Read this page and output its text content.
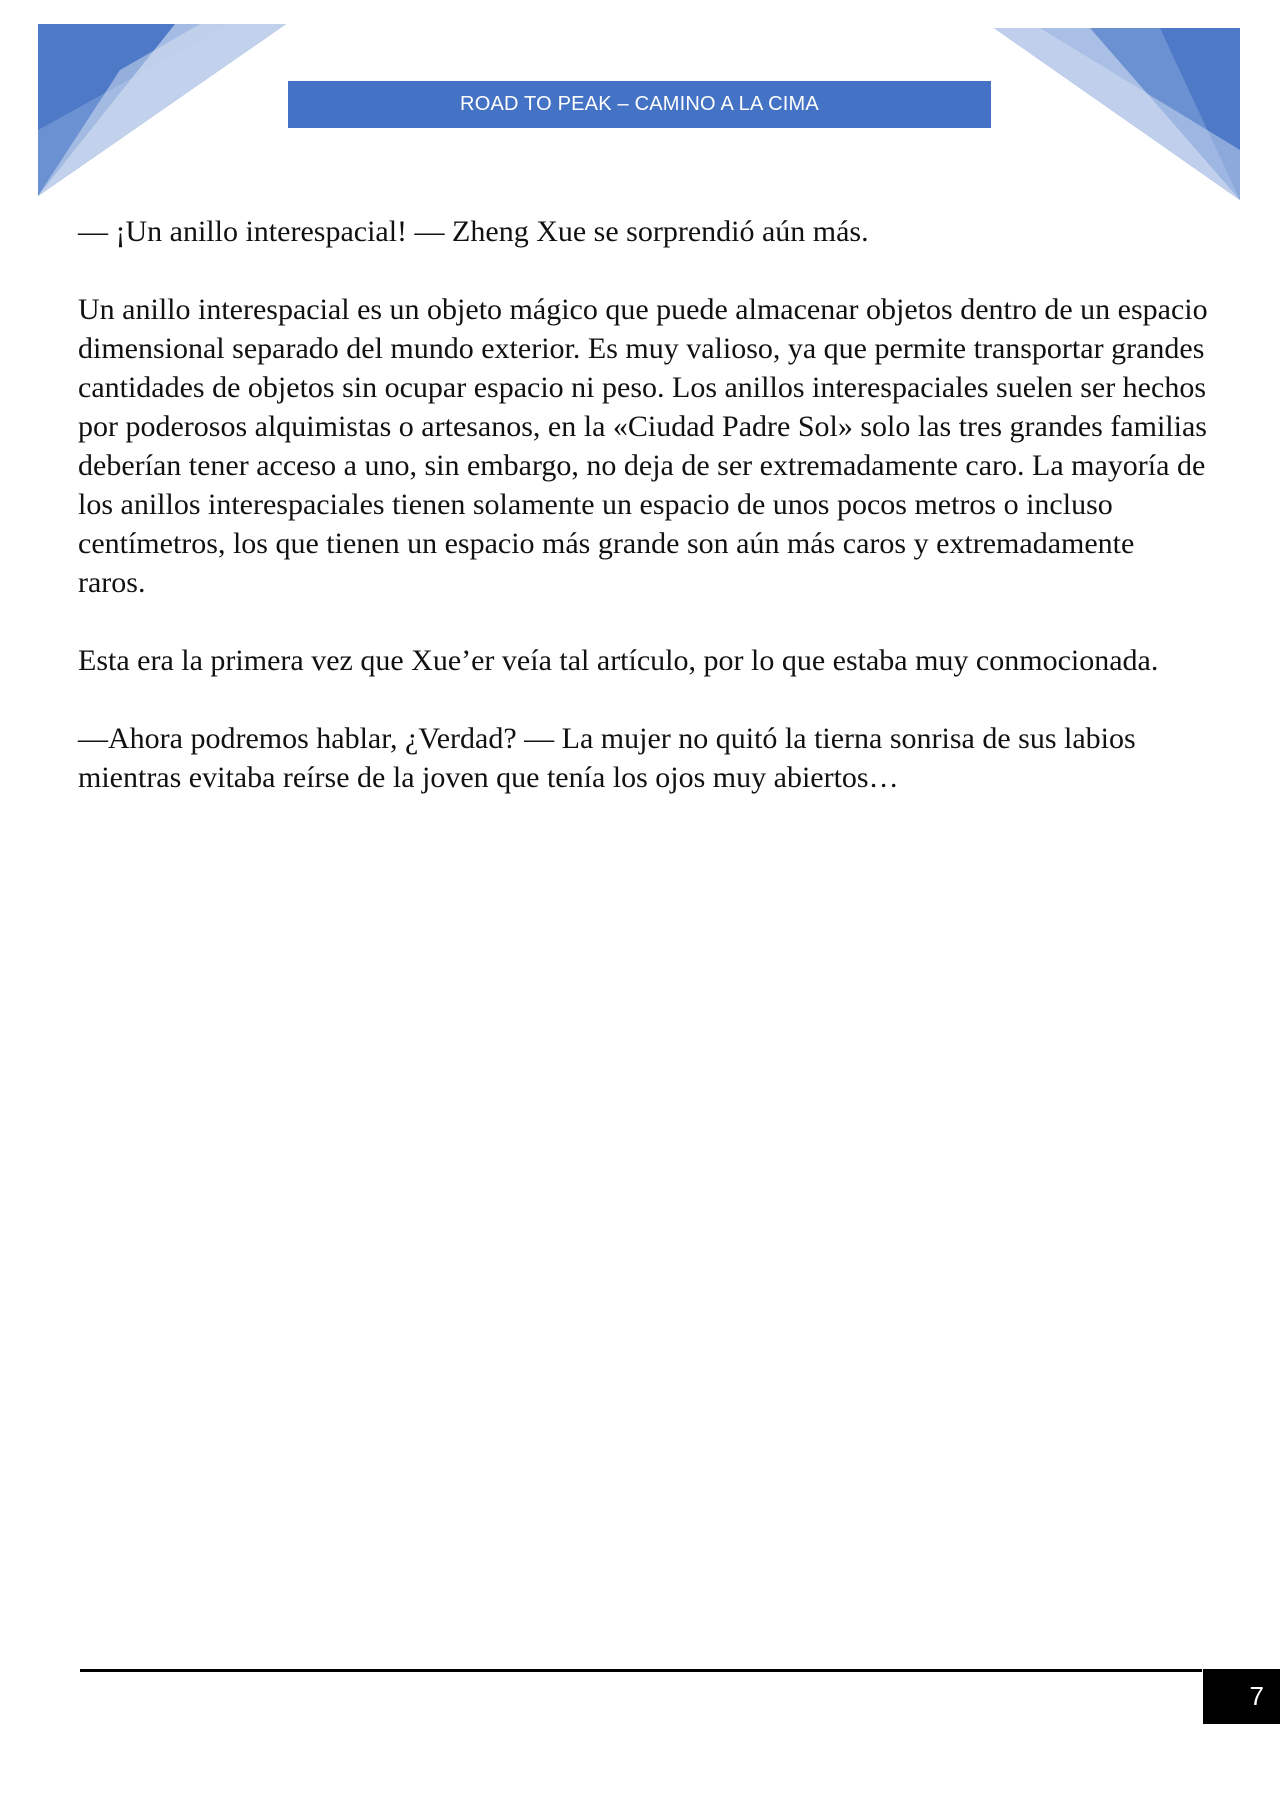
ROAD TO PEAK – CAMINO A LA CIMA

— ¡Un anillo interespacial! — Zheng Xue se sorprendió aún más.

Un anillo interespacial es un objeto mágico que puede almacenar objetos dentro de un espacio dimensional separado del mundo exterior. Es muy valioso, ya que permite transportar grandes cantidades de objetos sin ocupar espacio ni peso. Los anillos interespaciales suelen ser hechos por poderosos alquimistas o artesanos, en la «Ciudad Padre Sol» solo las tres grandes familias deberían tener acceso a uno, sin embargo, no deja de ser extremadamente caro. La mayoría de los anillos interespaciales tienen solamente un espacio de unos pocos metros o incluso centímetros, los que tienen un espacio más grande son aún más caros y extremadamente raros.

Esta era la primera vez que Xue’er veía tal artículo, por lo que estaba muy conmocionada.

—Ahora podremos hablar, ¿Verdad? — La mujer no quitó la tierna sonrisa de sus labios mientras evitaba reírse de la joven que tenía los ojos muy abiertos…

7
